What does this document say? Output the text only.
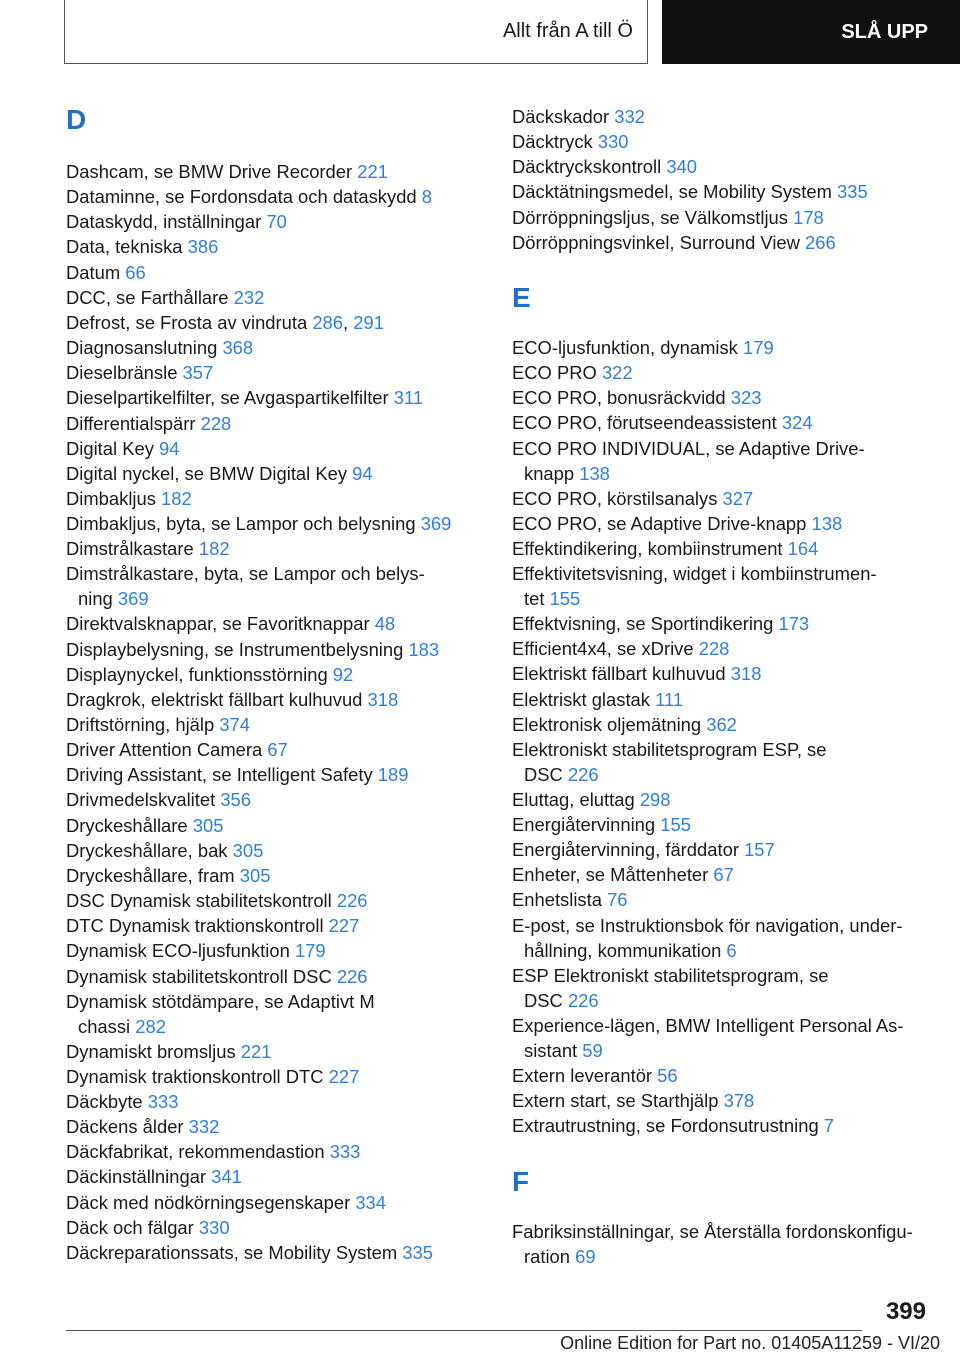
Allt från A till Ö	SLÅ UPP
D
Dashcam, se BMW Drive Recorder 221
Dataminne, se Fordonsdata och dataskydd 8
Dataskydd, inställningar 70
Data, tekniska 386
Datum 66
DCC, se Farthållare 232
Defrost, se Frosta av vindruta 286, 291
Diagnosanslutning 368
Dieselbränsle 357
Dieselpartikelfilter, se Avgaspartikelfilter 311
Differentialspärr 228
Digital Key 94
Digital nyckel, se BMW Digital Key 94
Dimbakljus 182
Dimbakljus, byta, se Lampor och belysning 369
Dimstrålkastare 182
Dimstrålkastare, byta, se Lampor och belys-
ning 369
Direktvalsknappar, se Favoritknappar 48
Displaybelysning, se Instrumentbelysning 183
Displaynyckel, funktionsstörning 92
Dragkrok, elektriskt fällbart kulhuvud 318
Driftstörning, hjälp 374
Driver Attention Camera 67
Driving Assistant, se Intelligent Safety 189
Drivmedelskvalitet 356
Dryckeshållare 305
Dryckeshållare, bak 305
Dryckeshållare, fram 305
DSC Dynamisk stabilitetskontroll 226
DTC Dynamisk traktionskontroll 227
Dynamisk ECO-ljusfunktion 179
Dynamisk stabilitetskontroll DSC 226
Dynamisk stötdämpare, se Adaptivt M
chassi 282
Dynamiskt bromsljus 221
Dynamisk traktionskontroll DTC 227
Däckbyte 333
Däckens ålder 332
Däckfabrikat, rekommendastion 333
Däckinställningar 341
Däck med nödkörningsegenskaper 334
Däck och fälgar 330
Däckreparationssats, se Mobility System 335
E
F
Däckskador 332
Däcktryck 330
Däcktryckskontroll 340
Däcktätningsmedel, se Mobility System 335
Dörröppningsljus, se Välkomstljus 178
Dörröppningsvinkel, Surround View 266
ECO-ljusfunktion, dynamisk 179
ECO PRO 322
ECO PRO, bonusräckvidd 323
ECO PRO, förutseendeassistent 324
ECO PRO INDIVIDUAL, se Adaptive Drive-
knapp 138
ECO PRO, körstilsanalys 327
ECO PRO, se Adaptive Drive-knapp 138
Effektindikering, kombiinstrument 164
Effektivitetsvisning, widget i kombiinstrumen-
tet 155
Effektvisning, se Sportindikering 173
Efficient4x4, se xDrive 228
Elektriskt fällbart kulhuvud 318
Elektriskt glastak 111
Elektronisk oljemätning 362
Elektroniskt stabilitetsprogram ESP, se
DSC 226
Eluttag, eluttag 298
Energiåtervinning 155
Energiåtervinning, färddator 157
Enheter, se Måttenheter 67
Enhetslista 76
E-post, se Instruktionsbok för navigation, under-
hållning, kommunikation 6
ESP Elektroniskt stabilitetsprogram, se
DSC 226
Experience-lägen, BMW Intelligent Personal As-
sistant 59
Extern leverantör 56
Extern start, se Starthjälp 378
Extrautrustning, se Fordonsutrustning 7
Fabriksinställningar, se Återställa fordonskonfigu-
ration 69
399
Online Edition for Part no. 01405A11259 - VI/20
